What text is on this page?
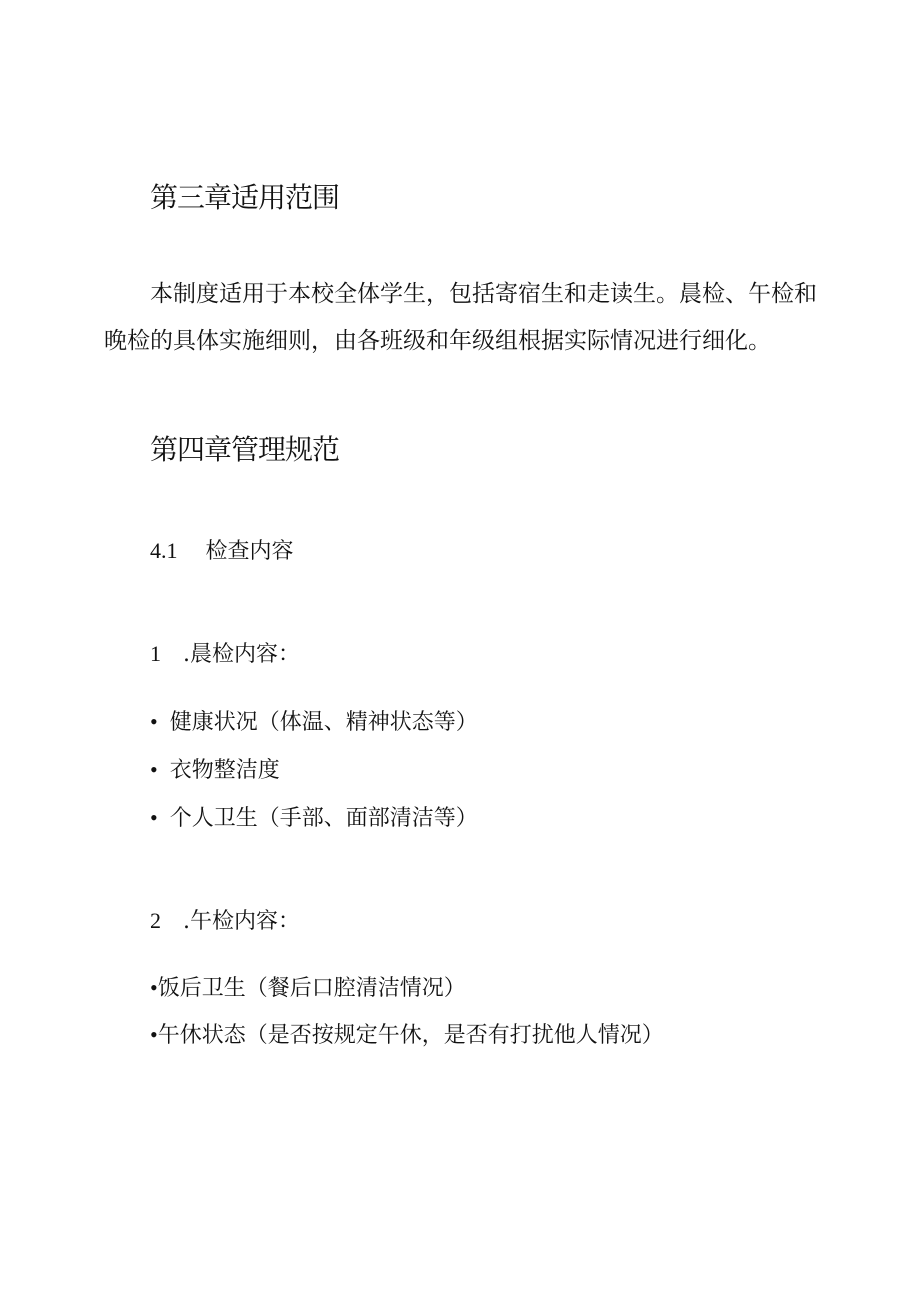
第三章适用范围

本制度适用于本校全体学生，包括寄宿生和走读生。晨检、午检和

晚检的具体实施细则，由各班级和年级组根据实际情况进行细化。

第四章管理规范

4.1 检查内容

1 .晨检内容：

• 健康状况（体温、精神状态等）

• 衣物整洁度

• 个人卫生（手部、面部清洁等）

2 .午检内容：

•饭后卫生（餐后口腔清洁情况）

•午休状态（是否按规定午休，是否有打扰他人情况）
